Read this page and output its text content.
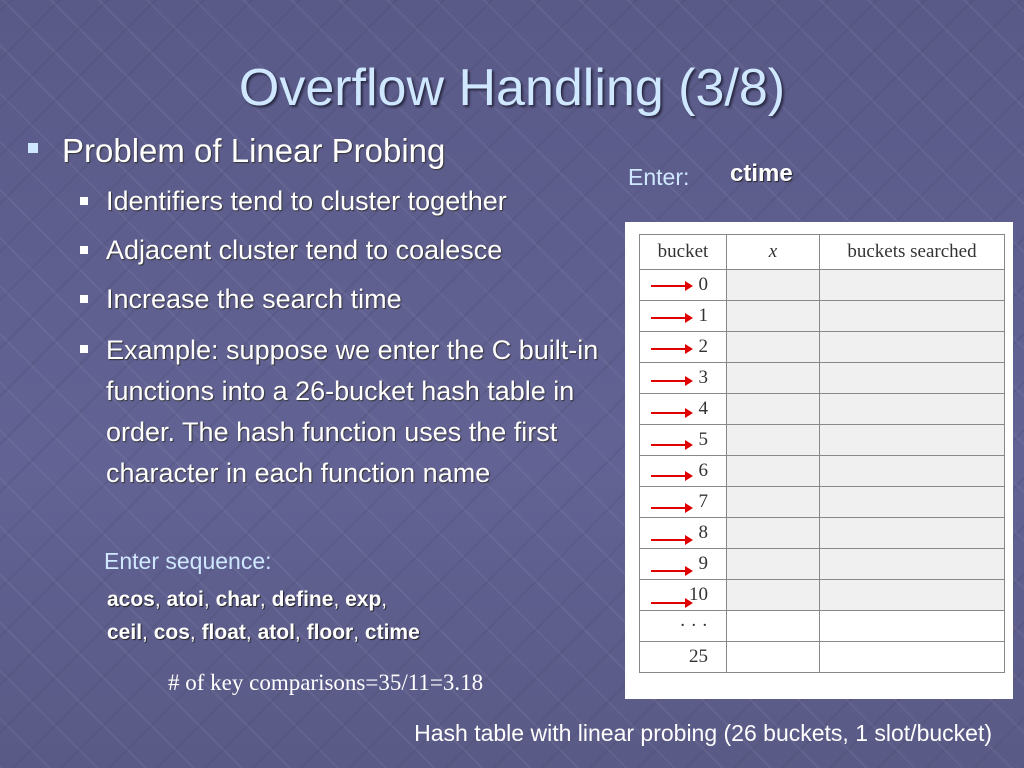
Overflow Handling (3/8)
Problem of Linear Probing
Identifiers tend to cluster together
Adjacent cluster tend to coalesce
Increase the search time
Example: suppose we enter the C built-in functions into a 26-bucket hash table in order. The hash function uses the first character in each function name
Enter: ctime
Enter sequence:
acos, atoi, char, define, exp,
ceil, cos, float, atol, floor, ctime
# of key comparisons=35/11=3.18
bucket	x	buckets searched
0		
1		
2		
3		
4		
5		
6		
7		
8		
9		
10		
· · ·		
25		
Hash table with linear probing (26 buckets, 1 slot/bucket)
